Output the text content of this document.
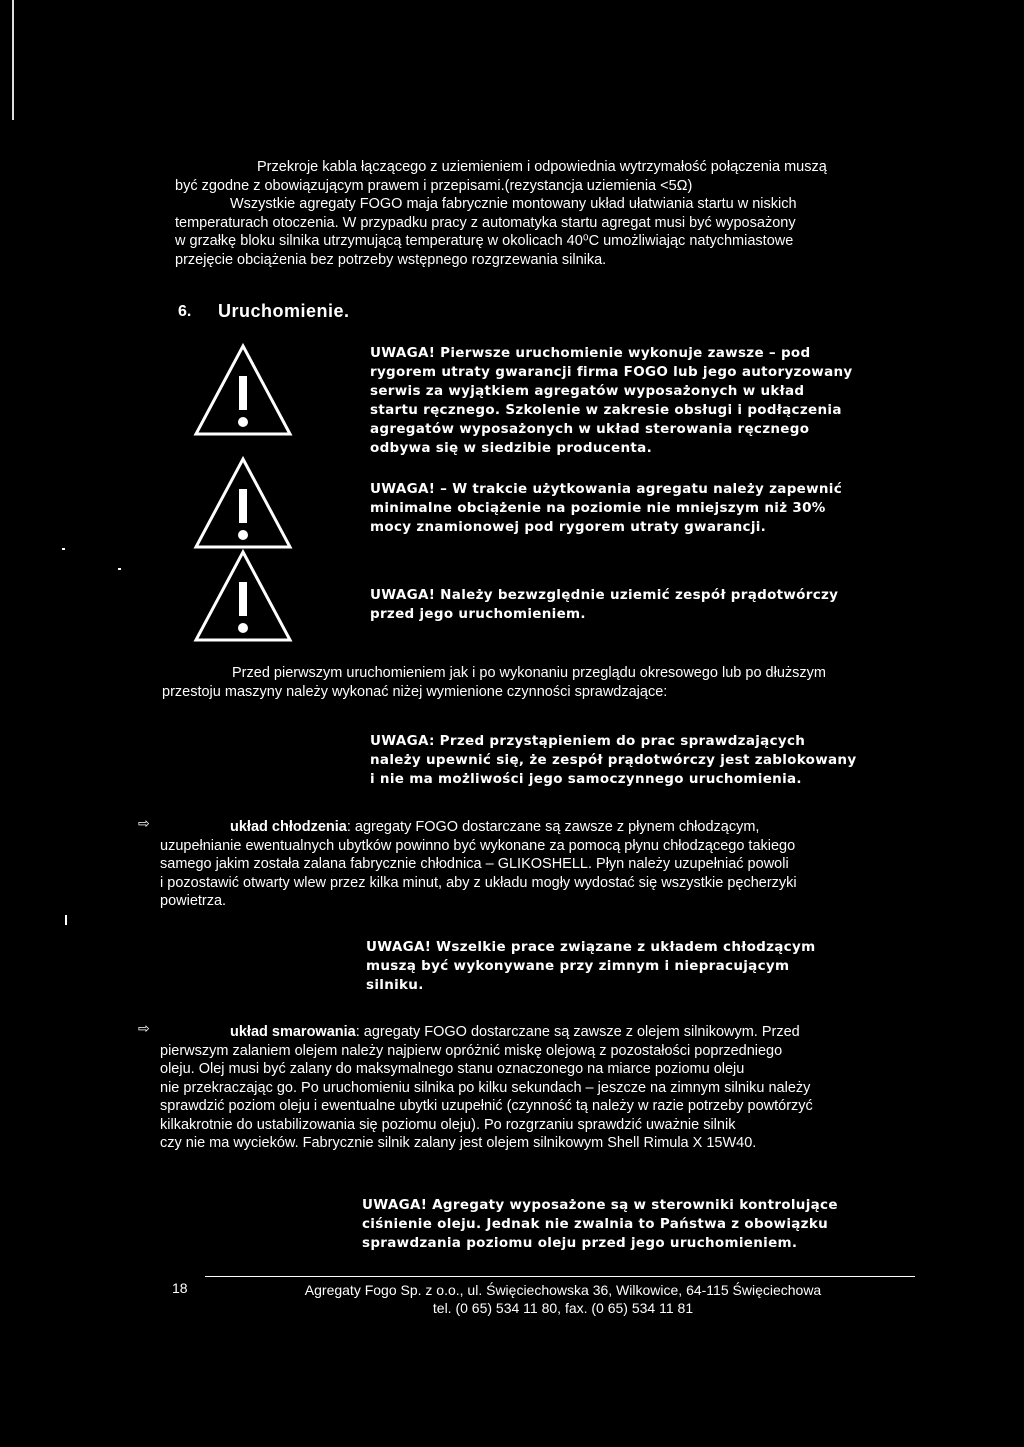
Przekroje kabla łączącego z uziemieniem i odpowiednia wytrzymałość połączenia muszą
być zgodne z obowiązującym prawem i przepisami.(rezystancja uziemienia <5Ω)
Wszystkie agregaty FOGO maja fabrycznie montowany układ ułatwiania startu w niskich
temperaturach otoczenia. W przypadku pracy z automatyka startu agregat musi być wyposażony
w grzałkę bloku silnika utrzymującą temperaturę w okolicach 40⁰C umożliwiając natychmiastowe
przejęcie obciążenia bez potrzeby wstępnego rozgrzewania silnika.
6. Uruchomienie.
UWAGA! Pierwsze uruchomienie wykonuje zawsze – pod
rygorem utraty gwarancji firma FOGO lub jego autoryzowany
serwis za wyjątkiem agregatów wyposażonych w układ
startu ręcznego. Szkolenie w zakresie obsługi i podłączenia
agregatów wyposażonych w układ sterowania ręcznego
odbywa się w siedzibie producenta.
UWAGA! – W trakcie użytkowania agregatu należy zapewnić
minimalne obciążenie na poziomie nie mniejszym niż 30%
mocy znamionowej pod rygorem utraty gwarancji.
UWAGA! Należy bezwzględnie uziemić zespół prądotwórczy
przed jego uruchomieniem.
Przed pierwszym uruchomieniem jak i po wykonaniu przeglądu okresowego lub po dłuższym
przestoju maszyny należy wykonać niżej wymienione czynności sprawdzające:
UWAGA: Przed przystąpieniem do prac sprawdzających
należy upewnić się, że zespół prądotwórczy jest zablokowany
i nie ma możliwości jego samoczynnego uruchomienia.
⇨	układ chłodzenia: agregaty FOGO dostarczane są zawsze z płynem chłodzącym,
uzupełnianie ewentualnych ubytków powinno być wykonane za pomocą płynu chłodzącego takiego
samego jakim została zalana fabrycznie chłodnica – GLIKOSHELL. Płyn należy uzupełniać powoli
i pozostawić otwarty wlew przez kilka minut, aby z układu mogły wydostać się wszystkie pęcherzyki
powietrza.
UWAGA! Wszelkie prace związane z układem chłodzącym
muszą być wykonywane przy zimnym i niepracującym
silniku.
⇨	układ smarowania: agregaty FOGO dostarczane są zawsze z olejem silnikowym. Przed
pierwszym zalaniem olejem należy najpierw opróżnić miskę olejową z pozostałości poprzedniego
oleju. Olej musi być zalany do maksymalnego stanu oznaczonego na miarce poziomu oleju
nie przekraczając go. Po uruchomieniu silnika po kilku sekundach – jeszcze na zimnym silniku należy
sprawdzić poziom oleju i ewentualne ubytki uzupełnić (czynność tą należy w razie potrzeby powtórzyć
kilkakrotnie do ustabilizowania się poziomu oleju). Po rozgrzaniu sprawdzić uważnie silnik
czy nie ma wycieków. Fabrycznie silnik zalany jest olejem silnikowym Shell Rimula X 15W40.
UWAGA! Agregaty wyposażone są w sterowniki kontrolujące
ciśnienie oleju. Jednak nie zwalnia to Państwa z obowiązku
sprawdzania poziomu oleju przed jego uruchomieniem.
18	Agregaty Fogo Sp. z o.o., ul. Święciechowska 36, Wilkowice, 64-115 Święciechowa
tel. (0 65) 534 11 80, fax. (0 65) 534 11 81
